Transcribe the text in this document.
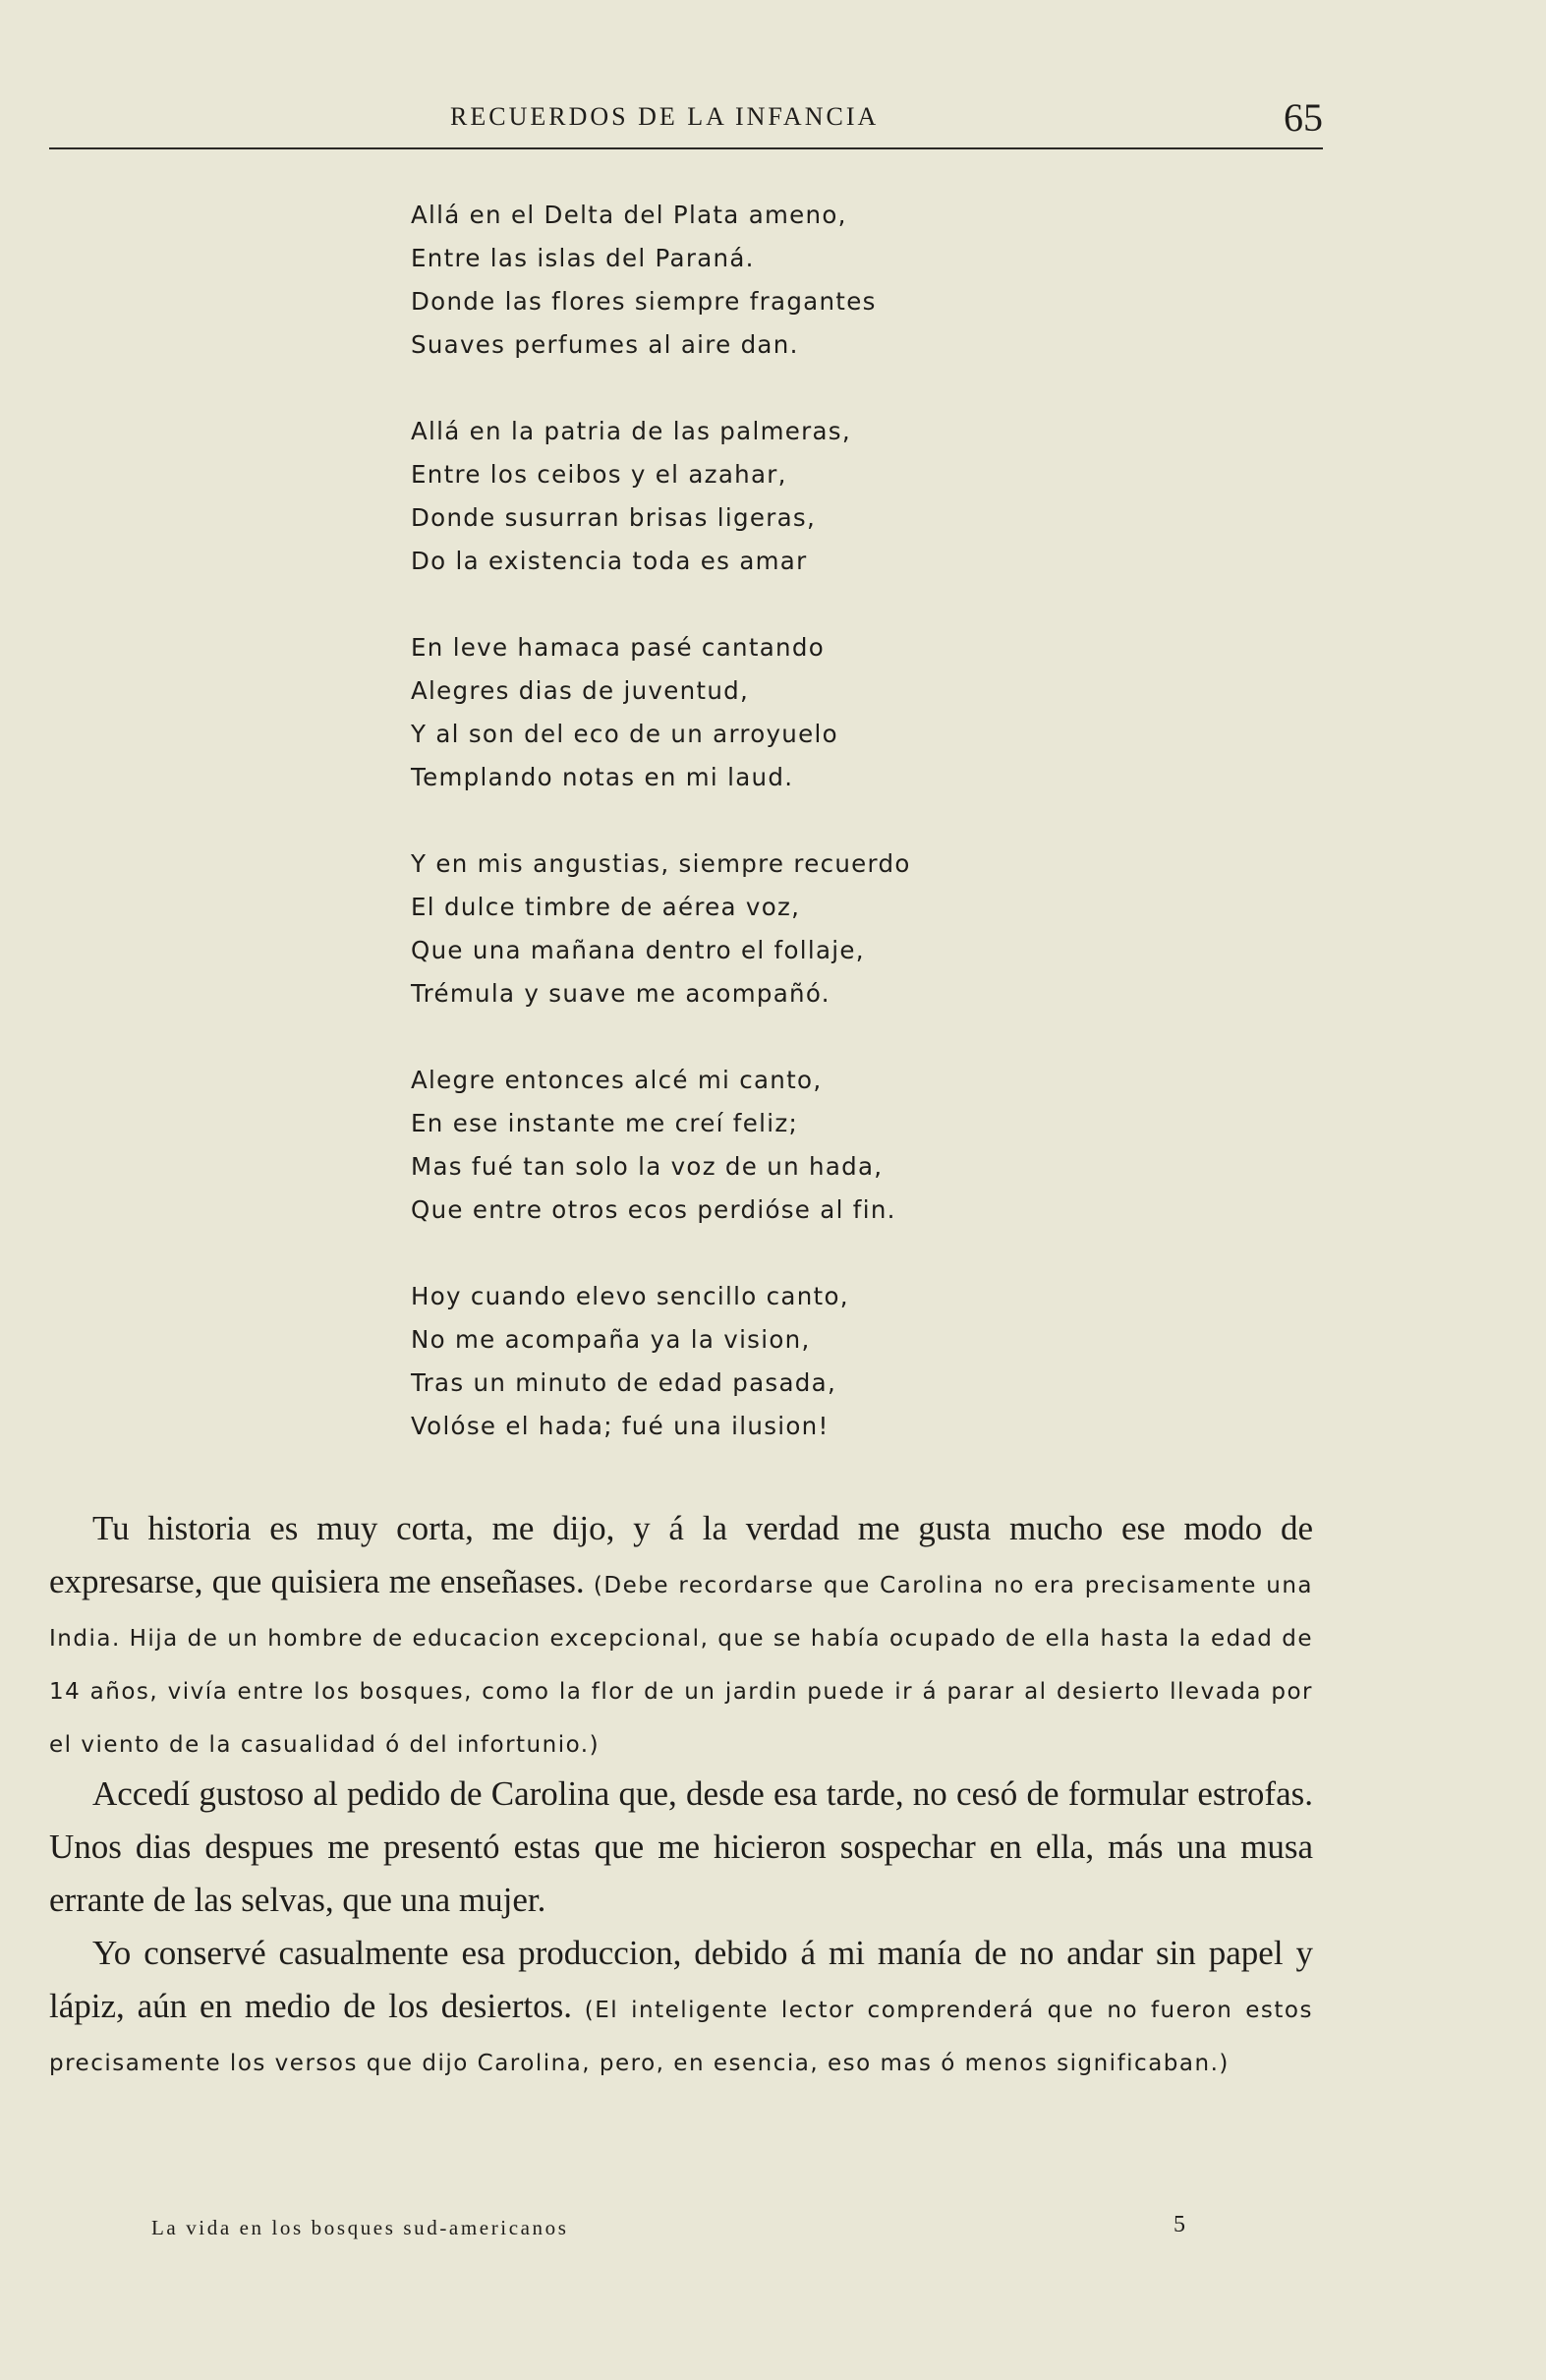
RECUERDOS DE LA INFANCIA	65
Allá en el Delta del Plata ameno,
Entre las islas del Paraná.
Donde las flores siempre fragantes
Suaves perfumes al aire dan.
Allá en la patria de las palmeras,
Entre los ceibos y el azahar,
Donde susurran brisas ligeras,
Do la existencia toda es amar
En leve hamaca pasé cantando
Alegres dias de juventud,
Y al son del eco de un arroyuelo
Templando notas en mi laud.
Y en mis angustias, siempre recuerdo
El dulce timbre de aérea voz,
Que una mañana dentro el follaje,
Trémula y suave me acompañó.
Alegre entonces alcé mi canto,
En ese instante me creí feliz;
Mas fué tan solo la voz de un hada,
Que entre otros ecos perdióse al fin.
Hoy cuando elevo sencillo canto,
No me acompaña ya la vision,
Tras un minuto de edad pasada,
Volóse el hada; fué una ilusion!

Tu historia es muy corta, me dijo, y á la verdad me gusta mucho ese modo de expresarse, que quisiera me enseñases. (Debe recordarse que Carolina no era precisamente una India. Hija de un hombre de educacion excepcional, que se había ocupado de ella hasta la edad de 14 años, vivía entre los bosques, como la flor de un jardin puede ir á parar al desierto llevada por el viento de la casualidad ó del infortunio.)

Accedí gustoso al pedido de Carolina que, desde esa tarde, no cesó de formular estrofas. Unos dias despues me presentó estas que me hicieron sospechar en ella, más una musa errante de las selvas, que una mujer.

Yo conservé casualmente esa produccion, debido á mi manía de no andar sin papel y lápiz, aún en medio de los desiertos. (El inteligente lector comprenderá que no fueron estos precisamente los versos que dijo Carolina, pero, en esencia, eso mas ó menos significaban.)

La vida en los bosques sud-americanos	5
